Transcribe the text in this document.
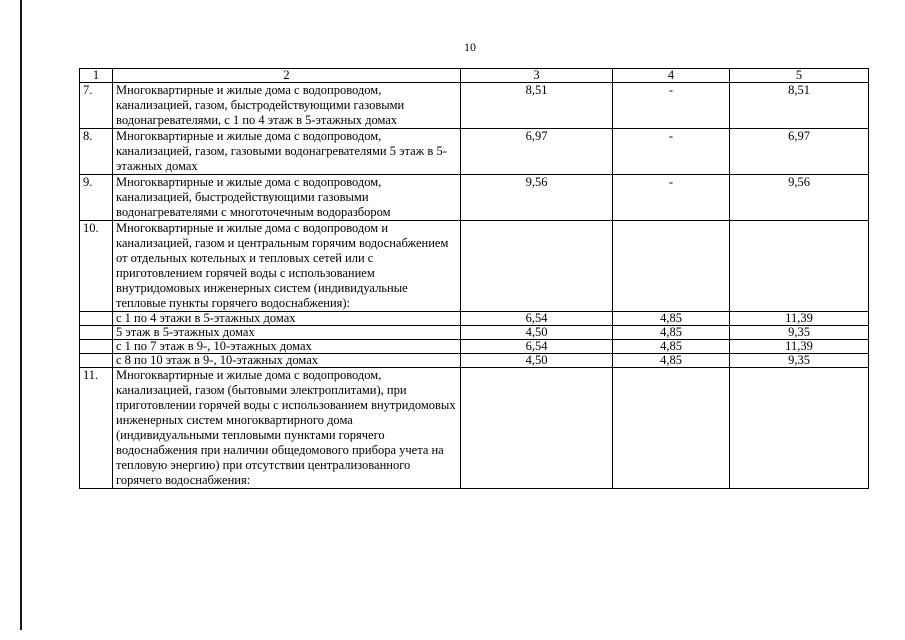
10
1	2	3	4	5
7.	Многоквартирные и жилые дома с водопроводом, канализацией, газом, быстродействующими газовыми водонагревателями, с 1 по 4 этаж в 5-этажных домах	8,51	-	8,51
8.	Многоквартирные и жилые дома с водопроводом, канализацией, газом, газовыми водонагревателями 5 этаж в 5-этажных домах	6,97	-	6,97
9.	Многоквартирные и жилые дома с водопроводом, канализацией, быстродействующими газовыми водонагревателями с многоточечным водоразбором	9,56	-	9,56
10.	Многоквартирные и жилые дома с водопроводом и канализацией, газом и центральным горячим водоснабжением от отдельных котельных и тепловых сетей или с приготовлением горячей воды с использованием внутридомовых инженерных систем (индивидуальные тепловые пункты горячего водоснабжения):			
	с 1 по 4 этажи в 5-этажных домах	6,54	4,85	11,39
	5 этаж в 5-этажных домах	4,50	4,85	9,35
	с 1 по 7 этаж в 9-, 10-этажных домах	6,54	4,85	11,39
	с 8 по 10 этаж в 9-, 10-этажных домах	4,50	4,85	9,35
11.	Многоквартирные и жилые дома с водопроводом, канализацией, газом (бытовыми электроплитами), при приготовлении горячей воды с использованием внутридомовых инженерных систем многоквартирного дома (индивидуальными тепловыми пунктами горячего водоснабжения при наличии общедомового прибора учета на тепловую энергию) при отсутствии централизованного горячего водоснабжения:			
